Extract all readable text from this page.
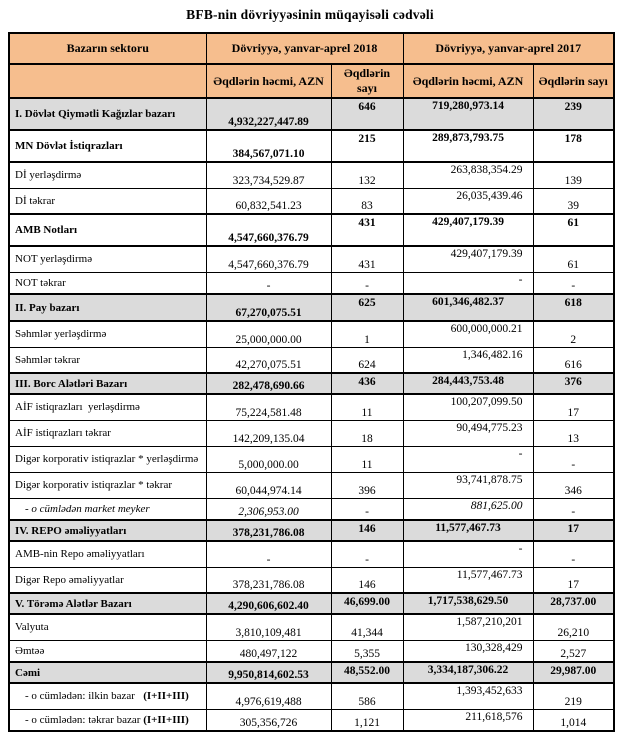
BFB-nin dövriyyəsinin müqayisəli cədvəli
Bazarın sektoru	Dövriyyə, yanvar-aprel 2018		Dövriyyə, yanvar-aprel 2017	
	Əqdlərin həcmi, AZN	Əqdlərin sayı	Əqdlərin həcmi, AZN	Əqdlərin sayı
I. Dövlət Qiymətli Kağızlar bazarı	4,932,227,447.89	646	719,280,973.14	239
MN Dövlət İstiqrazları	384,567,071.10	215	289,873,793.75	178
Dİ yerləşdirmə	323,734,529.87	132	263,838,354.29	139
Dİ təkrar	60,832,541.23	83	26,035,439.46	39
AMB Notları	4,547,660,376.79	431	429,407,179.39	61
NOT yerləşdirmə	4,547,660,376.79	431	429,407,179.39	61
NOT təkrar	-	-	-	-
II. Pay bazarı	67,270,075.51	625	601,346,482.37	618
Səhmlər yerləşdirmə	25,000,000.00	1	600,000,000.21	2
Səhmlər təkrar	42,270,075.51	624	1,346,482.16	616
III. Borc Alətləri Bazarı	282,478,690.66	436	284,443,753.48	376
AİF istiqrazları  yerləşdirmə	75,224,581.48	11	100,207,099.50	17
AİF istiqrazları təkrar	142,209,135.04	18	90,494,775.23	13
Digər korporativ istiqrazlar * yerləşdirmə	5,000,000.00	11	-	-
Digər korporativ istiqrazlar * təkrar	60,044,974.14	396	93,741,878.75	346
- o cümlədən market meyker	2,306,953.00	-	881,625.00	-
IV. REPO əməliyyatları	378,231,786.08	146	11,577,467.73	17
AMB-nin Repo əməliyyatları	-	-	-	-
Digər Repo əməliyyatlar	378,231,786.08	146	11,577,467.73	17
V. Törəmə Alətlər Bazarı	4,290,606,602.40	46,699.00	1,717,538,629.50	28,737.00
Valyuta	3,810,109,481	41,344	1,587,210,201	26,210
Əmtəə	480,497,122	5,355	130,328,429	2,527
Cəmi	9,950,814,602.53	48,552.00	3,334,187,306.22	29,987.00
- o cümlədən: ilkin bazar   (I+II+III)	4,976,619,488	586	1,393,452,633	219
- o cümlədən: təkrar bazar (I+II+III)	305,356,726	1,121	211,618,576	1,014
